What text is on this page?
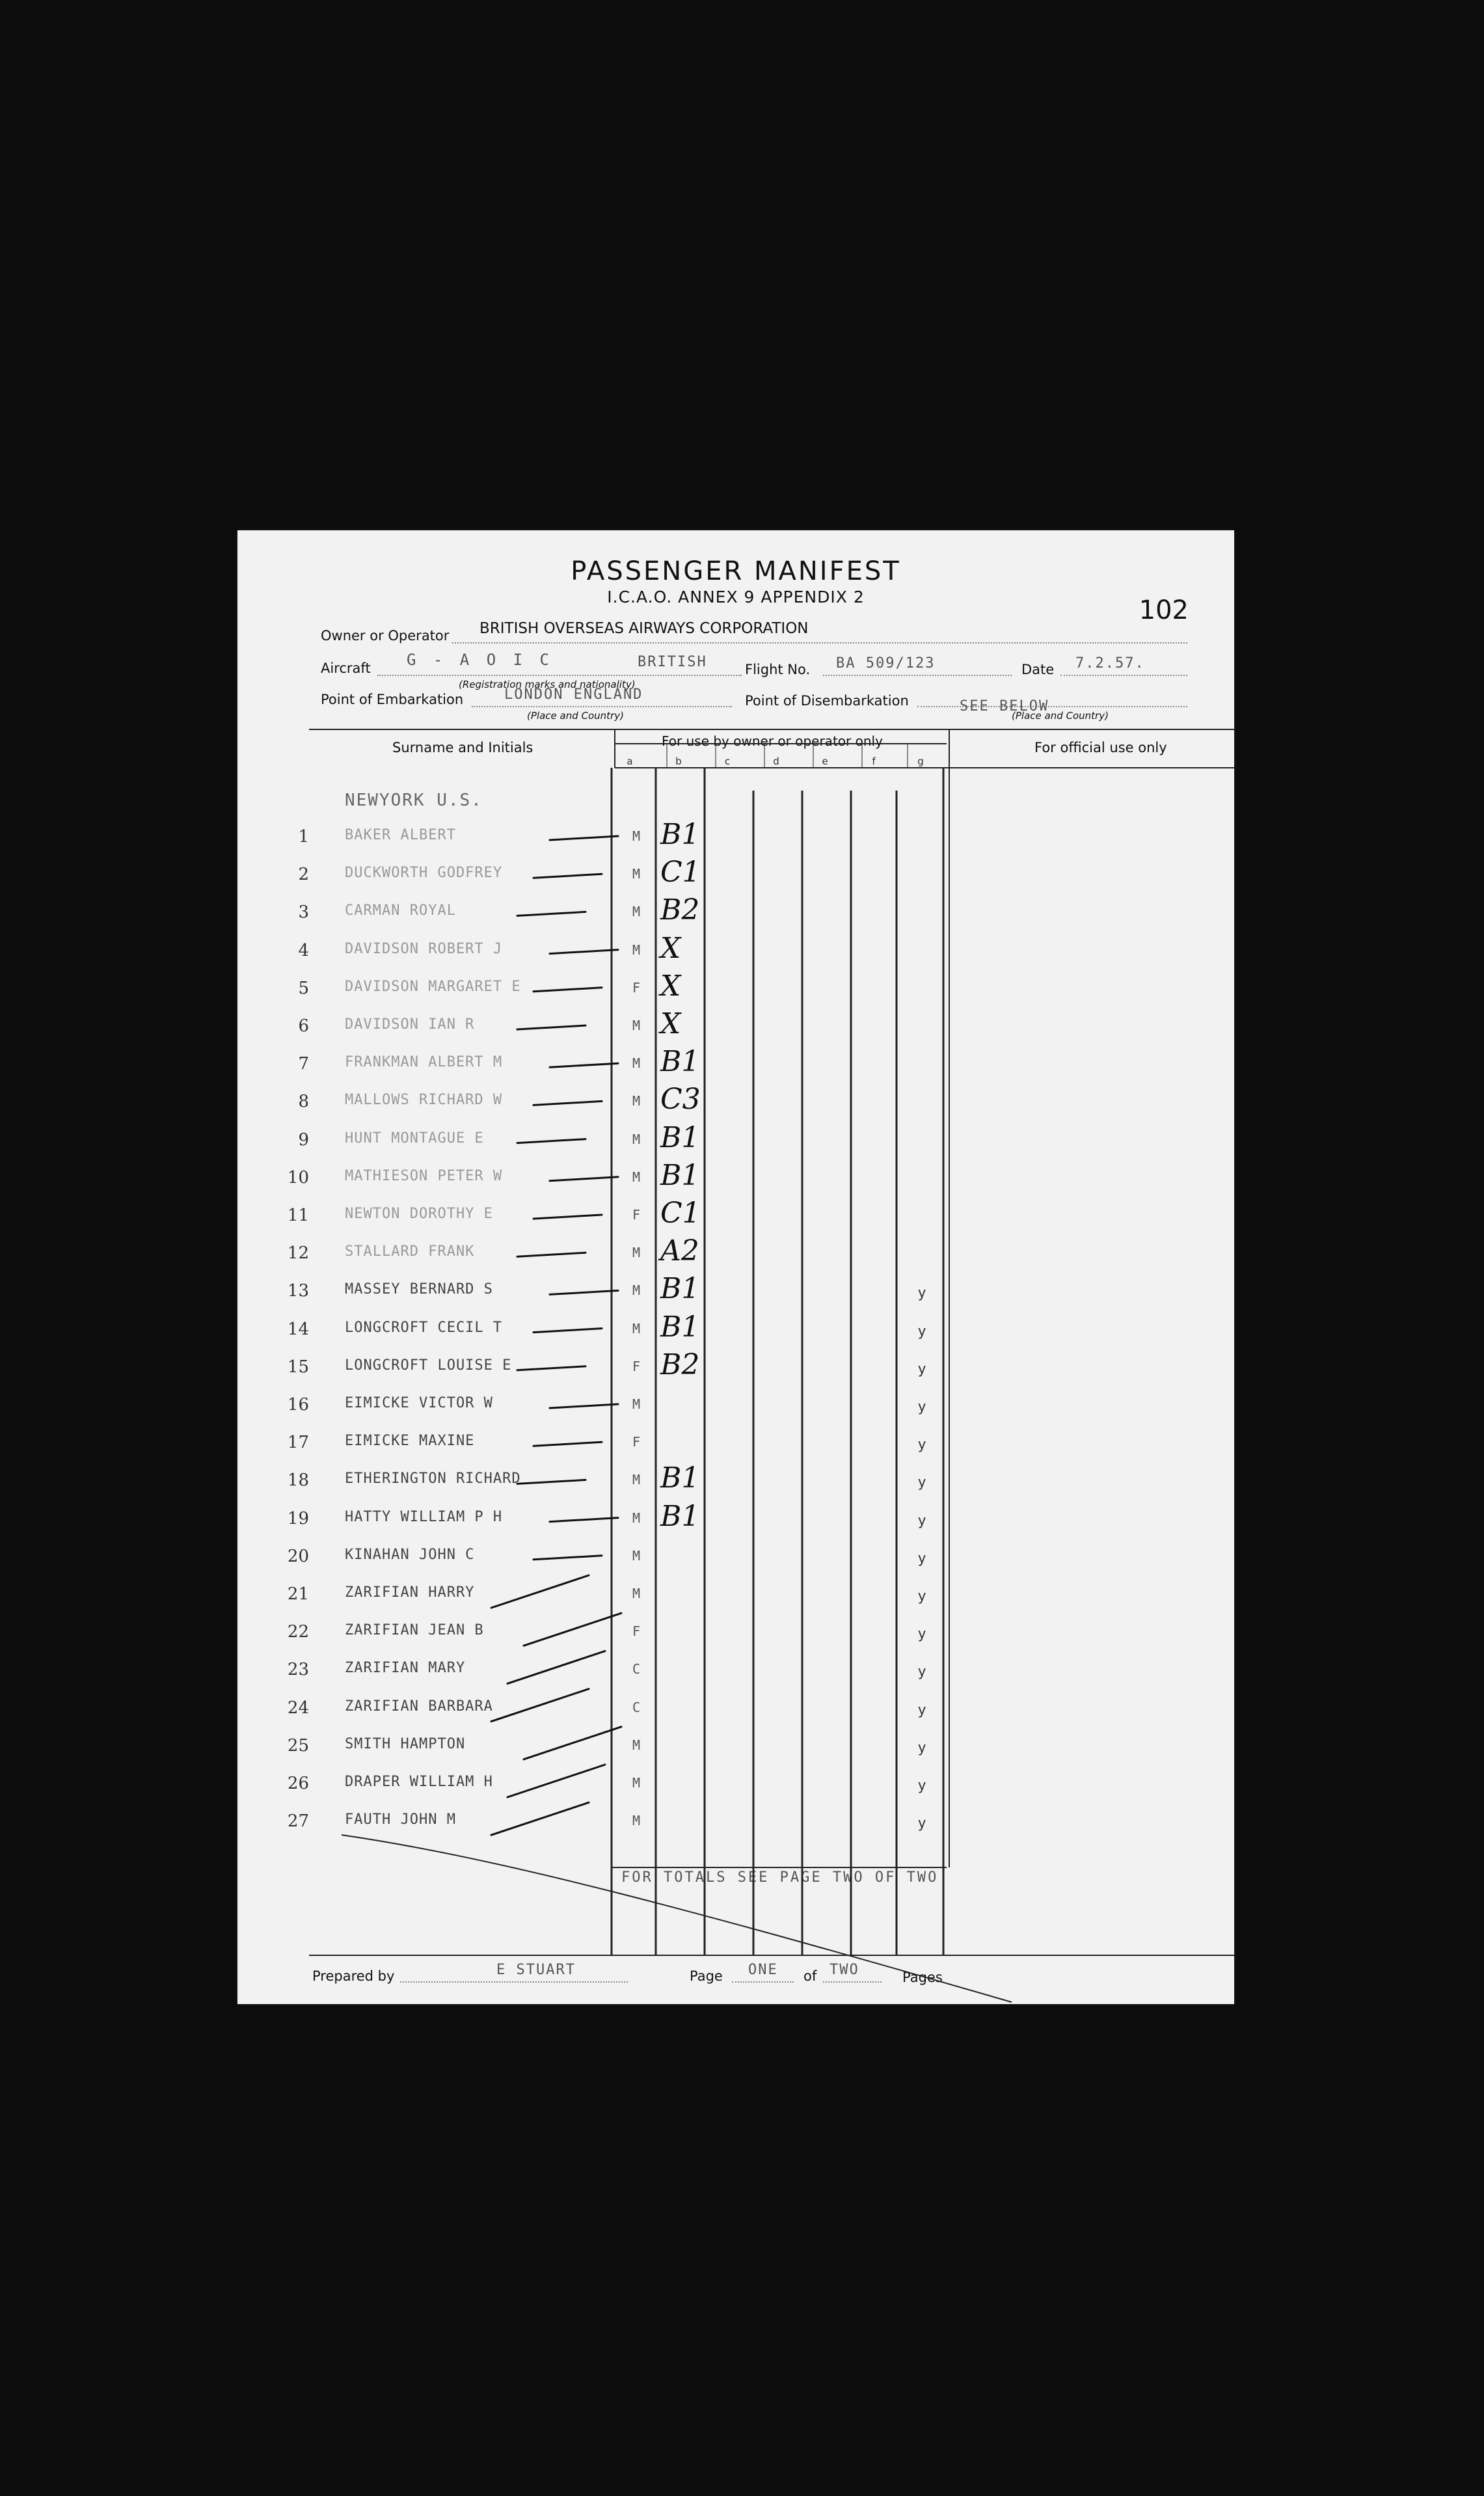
PASSENGER MANIFEST
I.C.A.O. ANNEX 9 APPENDIX 2	102
Owner or Operator BRITISH OVERSEAS AIRWAYS CORPORATION
Aircraft G - A O I C	BRITISH
(Registration marks and nationality)
Flight No. BA 509/123	Date 7.2.57.
Point of Embarkation	LONDON ENGLAND
(Place and Country)
Point of Disembarkation	SEE BELOW
(Place and Country)
Surname and Initials	For use by owner or operator only	For official use only
a	b	c	d	e	f	g
NEWYORK U.S.
1	BAKER ALBERT	M B1
2	DUCKWORTH GODFREY	M C1
3	CARMAN ROYAL	M B2
4	DAVIDSON ROBERT J	M X
5	DAVIDSON MARGARET E	F X
6	DAVIDSON IAN R	M X
7	FRANKMAN ALBERT M	M B1
8	MALLOWS RICHARD W	M C3
9	HUNT MONTAGUE E	M B1
10	MATHIESON PETER W	M B1
11	NEWTON DOROTHY E	F C1
12	STALLARD FRANK	M A2
13	MASSEY BERNARD S	M B1	y
14	LONGCROFT CECIL T	M B1	y
15	LONGCROFT LOUISE E	F B2	y
16	EIMICKE VICTOR W	M	y
17	EIMICKE MAXINE	F	y
18	ETHERINGTON RICHARD	M B1	y
19	HATTY WILLIAM P H	M B1	y
20	KINAHAN JOHN C	M	y
21	ZARIFIAN HARRY	M	y
22	ZARIFIAN JEAN B	F	y
23	ZARIFIAN MARY	C	y
24	ZARIFIAN BARBARA	C	y
25	SMITH HAMPTON	M	y
26	DRAPER WILLIAM H	M	y
27	FAUTH JOHN M	M	y
FOR TOTALS SEE PAGE TWO OF TWO
Prepared by	E STUART	Page ONE of TWO	Pages
